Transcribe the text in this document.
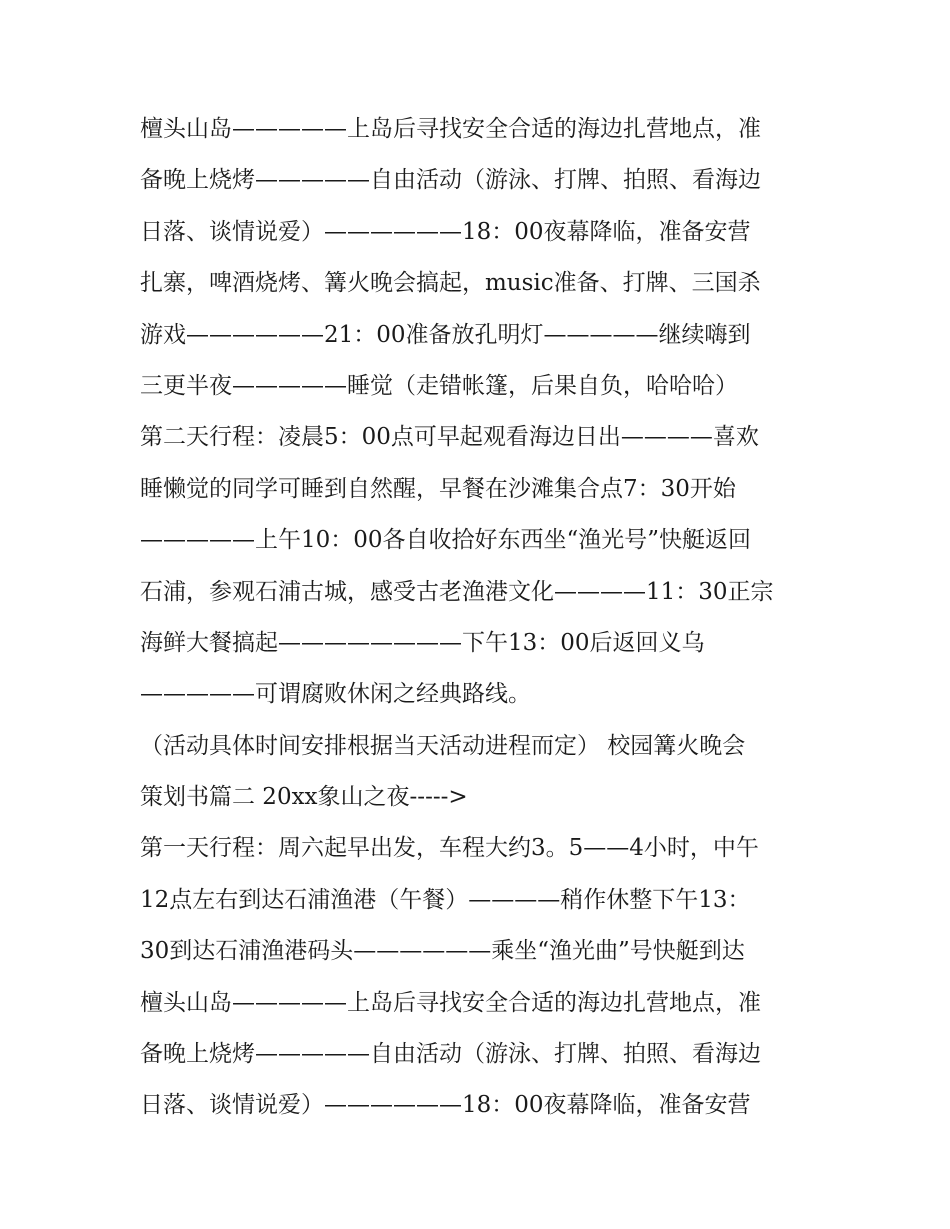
檀头山岛—————上岛后寻找安全合适的海边扎营地点，准
备晚上烧烤—————自由活动（游泳、打牌、拍照、看海边
日落、谈情说爱）——————18：00夜幕降临，准备安营
扎寨，啤酒烧烤、篝火晚会搞起，music准备、打牌、三国杀
游戏——————21：00准备放孔明灯—————继续嗨到
三更半夜—————睡觉（走错帐篷，后果自负，哈哈哈）
第二天行程：凌晨5：00点可早起观看海边日出————喜欢
睡懒觉的同学可睡到自然醒，早餐在沙滩集合点7：30开始
—————上午10：00各自收拾好东西坐“渔光号”快艇返回
石浦，参观石浦古城，感受古老渔港文化————11：30正宗
海鲜大餐搞起————————下午13：00后返回义乌
—————可谓腐败休闲之经典路线。
（活动具体时间安排根据当天活动进程而定） 校园篝火晚会
策划书篇二 20xx象山之夜----->
第一天行程：周六起早出发，车程大约3。5——4小时，中午
12点左右到达石浦渔港（午餐）————稍作休整下午13：
30到达石浦渔港码头——————乘坐“渔光曲”号快艇到达
檀头山岛—————上岛后寻找安全合适的海边扎营地点，准
备晚上烧烤—————自由活动（游泳、打牌、拍照、看海边
日落、谈情说爱）——————18：00夜幕降临，准备安营
